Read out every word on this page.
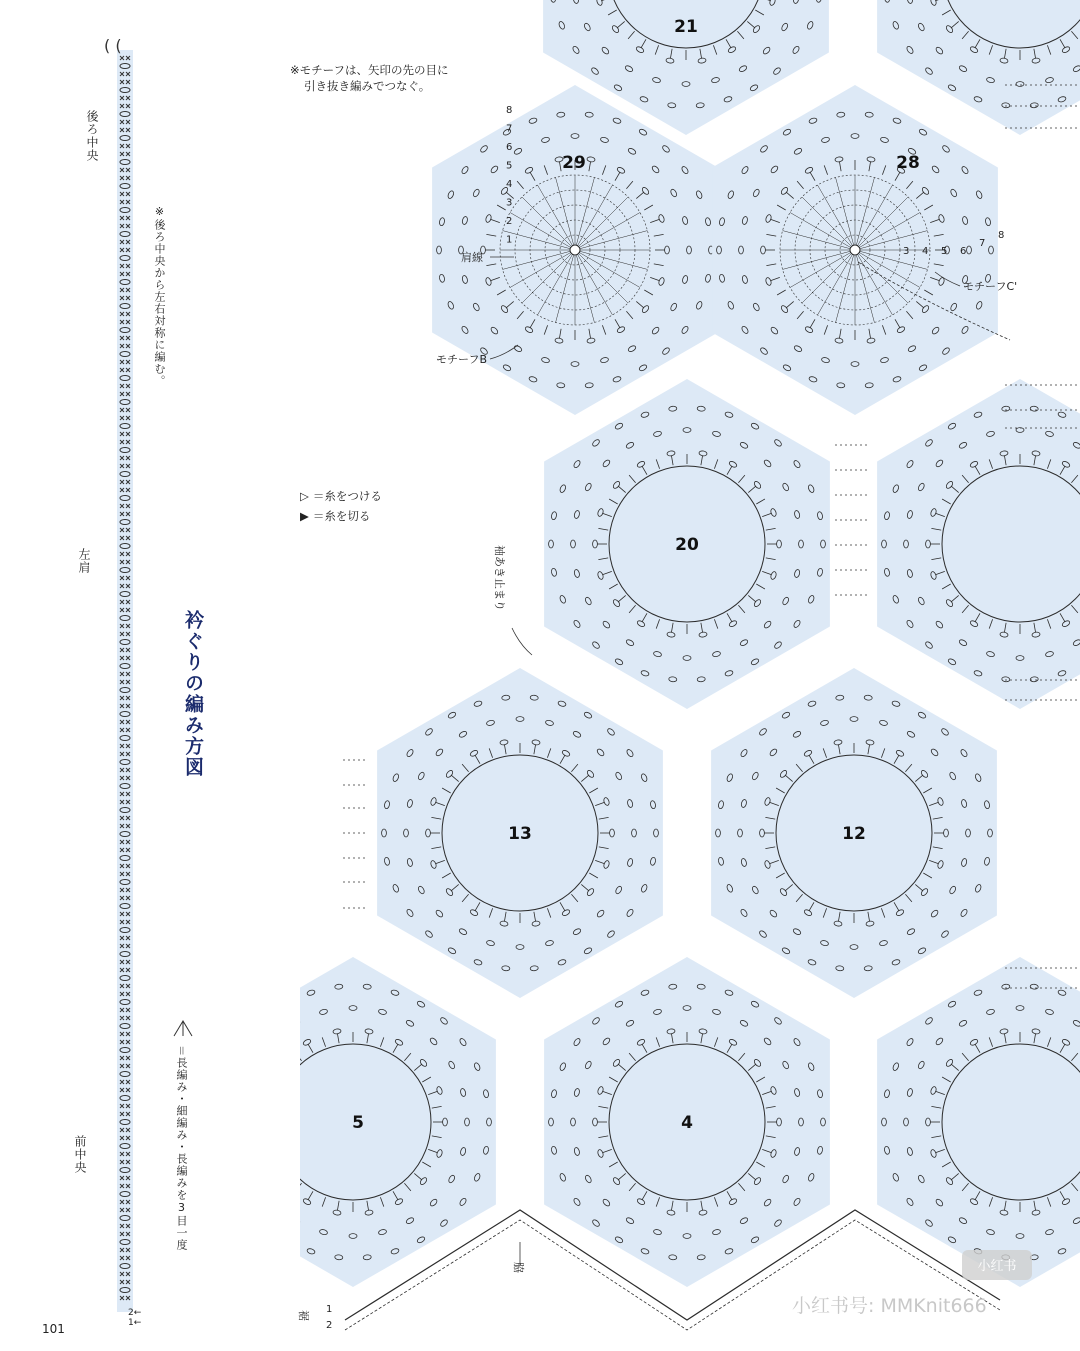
( (
後ろ中央
左肩
前中央
※後ろ中央から左右対称に編む。
衿ぐりの編み方図
＝長編み・細編み・長編みを3目一度
2←
1←
101
※モチーフは、矢印の先の目に
引き抜き編みでつなぐ。
▷ ＝糸をつける
▶ ＝糸を切る
21
29	28
20
13	12
5	4
8
7
6
5
4
3
2
1
3 4 5 6
7
8
肩線
モチーフB
モチーフC'
袖あき止まり
脇
裾
1
2
小红书
小红书号: MMKnit666
